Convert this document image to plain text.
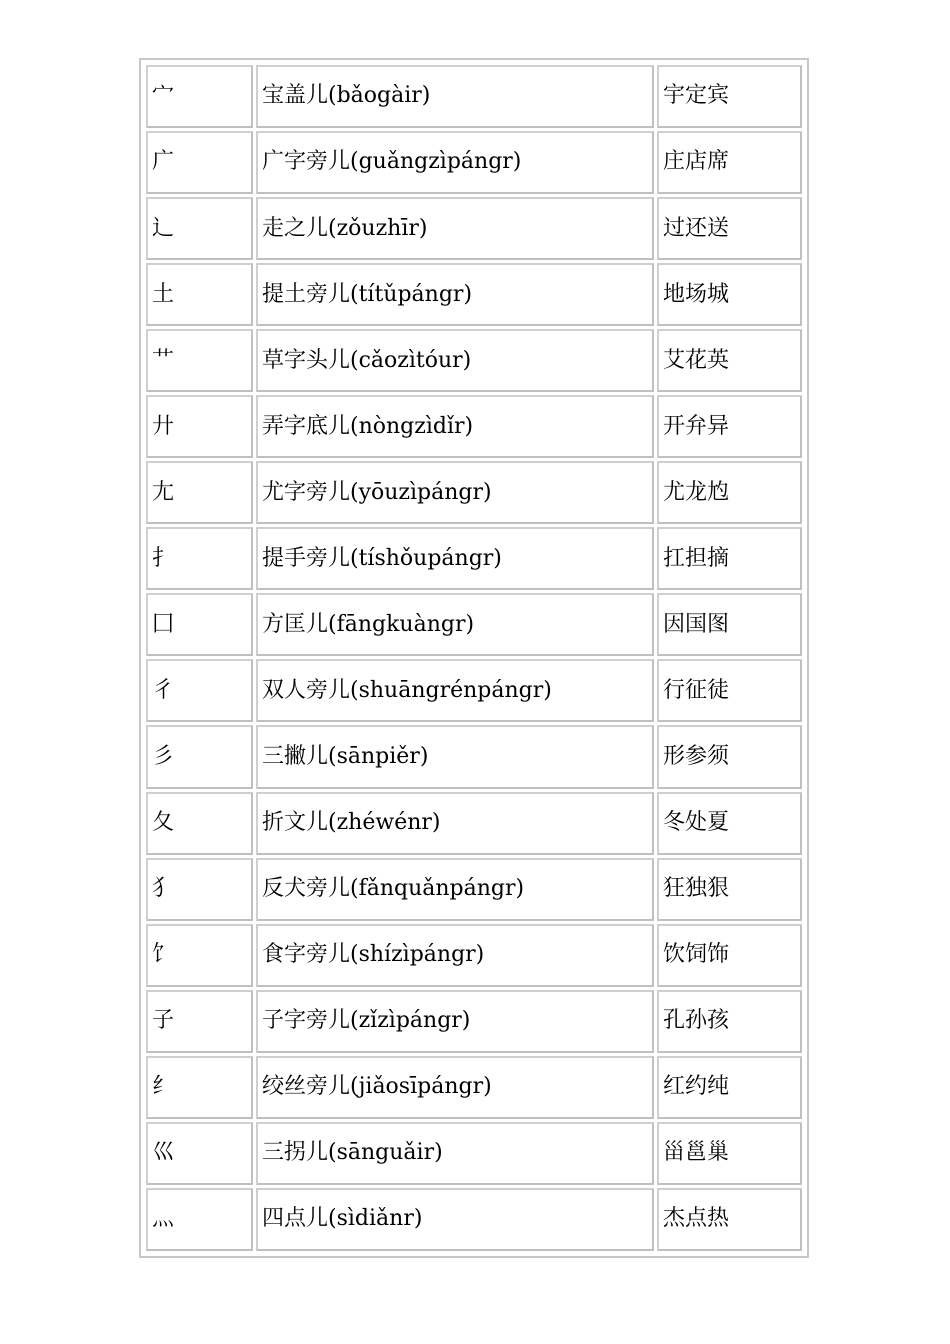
宀	宝盖儿(bǎogàir)	宇定宾
广	广字旁儿(guǎngzìpángr)	庄店席
辶	走之儿(zǒuzhīr)	过还送
土	提土旁儿(títǔpángr)	地场城
艹	草字头儿(cǎozìtóur)	艾花英
廾	弄字底儿(nòngzìdǐr)	开弁异
尢	尤字旁儿(yōuzìpángr)	尤龙尥
扌	提手旁儿(tíshǒupángr)	扛担摘
囗	方匡儿(fāngkuàngr)	因国图
彳	双人旁儿(shuāngrénpángr)	行征徒
彡	三撇儿(sānpiěr)	形参须
夂	折文儿(zhéwénr)	冬处夏
犭	反犬旁儿(fǎnquǎnpángr)	狂独狠
饣	食字旁儿(shízìpángr)	饮饲饰
子	子字旁儿(zǐzìpángr)	孔孙孩
纟	绞丝旁儿(jiǎosīpángr)	红约纯
巛	三拐儿(sānguǎir)	甾邕巢
灬	四点儿(sìdiǎnr)	杰点热
